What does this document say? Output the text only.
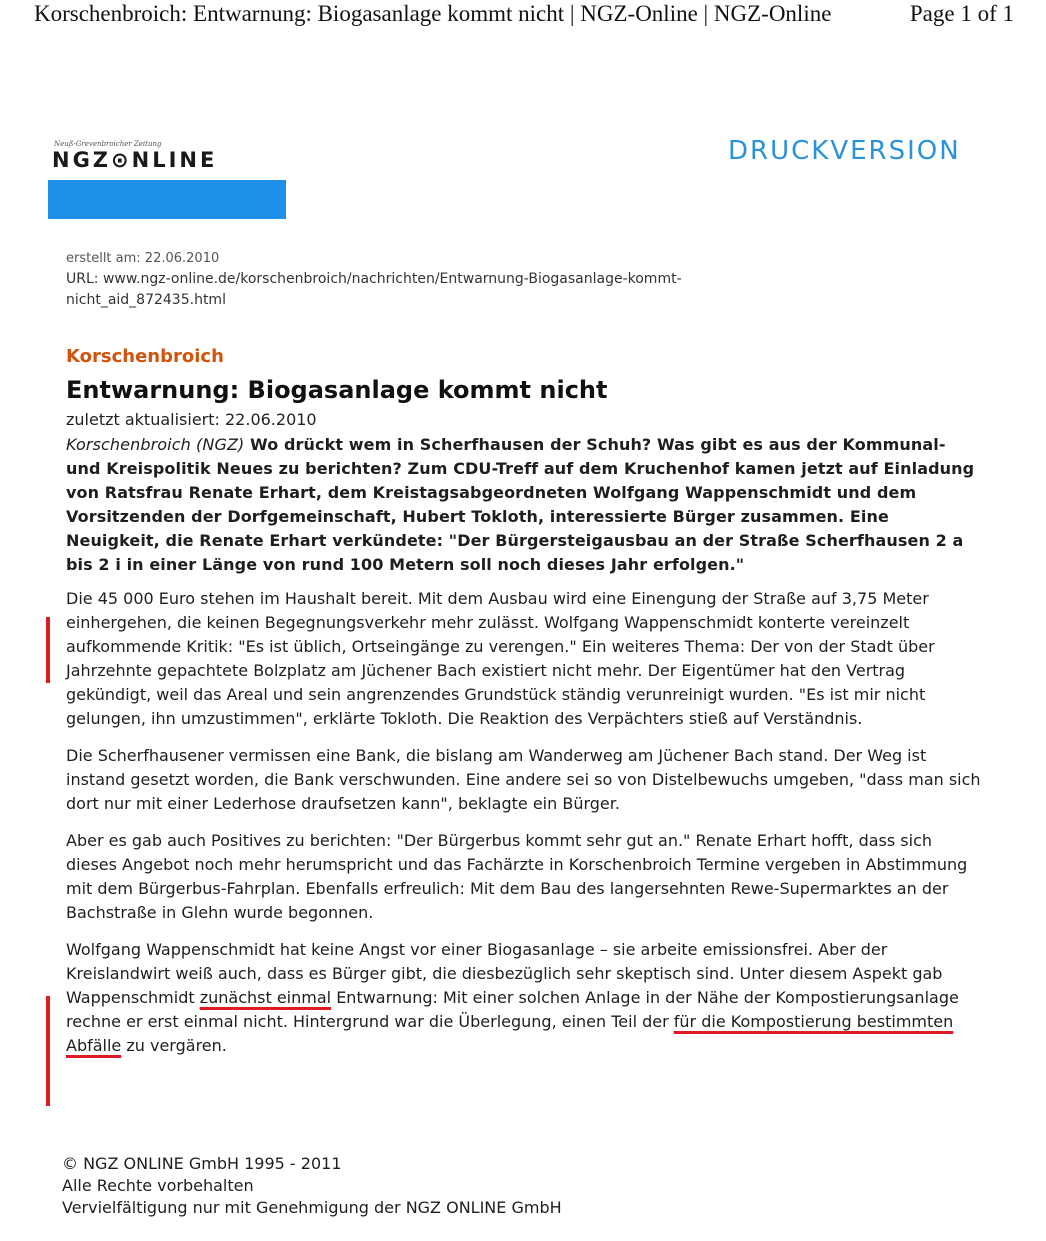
Korschenbroich: Entwarnung: Biogasanlage kommt nicht | NGZ-Online | NGZ-Online	Page 1 of 1
Neuß-Grevenbroicher Zeitung
NGZ⊙NLINE	DRUCKVERSION
erstellt am: 22.06.2010
URL: www.ngz-online.de/korschenbroich/nachrichten/Entwarnung-Biogasanlage-kommt-nicht_aid_872435.html
Korschenbroich
Entwarnung: Biogasanlage kommt nicht
zuletzt aktualisiert: 22.06.2010

Korschenbroich (NGZ) Wo drückt wem in Scherfhausen der Schuh? Was gibt es aus der Kommunal- und Kreispolitik Neues zu berichten? Zum CDU-Treff auf dem Kruchenhof kamen jetzt auf Einladung von Ratsfrau Renate Erhart, dem Kreistagsabgeordneten Wolfgang Wappenschmidt und dem Vorsitzenden der Dorfgemeinschaft, Hubert Tokloth, interessierte Bürger zusammen. Eine Neuigkeit, die Renate Erhart verkündete: "Der Bürgersteigausbau an der Straße Scherfhausen 2 a bis 2 i in einer Länge von rund 100 Metern soll noch dieses Jahr erfolgen."

Die 45 000 Euro stehen im Haushalt bereit. Mit dem Ausbau wird eine Einengung der Straße auf 3,75 Meter einhergehen, die keinen Begegnungsverkehr mehr zulässt. Wolfgang Wappenschmidt konterte vereinzelt aufkommende Kritik: "Es ist üblich, Ortseingänge zu verengen." Ein weiteres Thema: Der von der Stadt über Jahrzehnte gepachtete Bolzplatz am Jüchener Bach existiert nicht mehr. Der Eigentümer hat den Vertrag gekündigt, weil das Areal und sein angrenzendes Grundstück ständig verunreinigt wurden. "Es ist mir nicht gelungen, ihn umzustimmen", erklärte Tokloth. Die Reaktion des Verpächters stieß auf Verständnis.

Die Scherfhausener vermissen eine Bank, die bislang am Wanderweg am Jüchener Bach stand. Der Weg ist instand gesetzt worden, die Bank verschwunden. Eine andere sei so von Distelbewuchs umgeben, "dass man sich dort nur mit einer Lederhose draufsetzen kann", beklagte ein Bürger.

Aber es gab auch Positives zu berichten: "Der Bürgerbus kommt sehr gut an." Renate Erhart hofft, dass sich dieses Angebot noch mehr herumspricht und das Fachärzte in Korschenbroich Termine vergeben in Abstimmung mit dem Bürgerbus-Fahrplan. Ebenfalls erfreulich: Mit dem Bau des langersehnten Rewe-Supermarktes an der Bachstraße in Glehn wurde begonnen.

Wolfgang Wappenschmidt hat keine Angst vor einer Biogasanlage – sie arbeite emissionsfrei. Aber der Kreislandwirt weiß auch, dass es Bürger gibt, die diesbezüglich sehr skeptisch sind. Unter diesem Aspekt gab Wappenschmidt zunächst einmal Entwarnung: Mit einer solchen Anlage in der Nähe der Kompostierungsanlage rechne er erst einmal nicht. Hintergrund war die Überlegung, einen Teil der für die Kompostierung bestimmten Abfälle zu vergären.

© NGZ ONLINE GmbH 1995 - 2011
Alle Rechte vorbehalten
Vervielfältigung nur mit Genehmigung der NGZ ONLINE GmbH
